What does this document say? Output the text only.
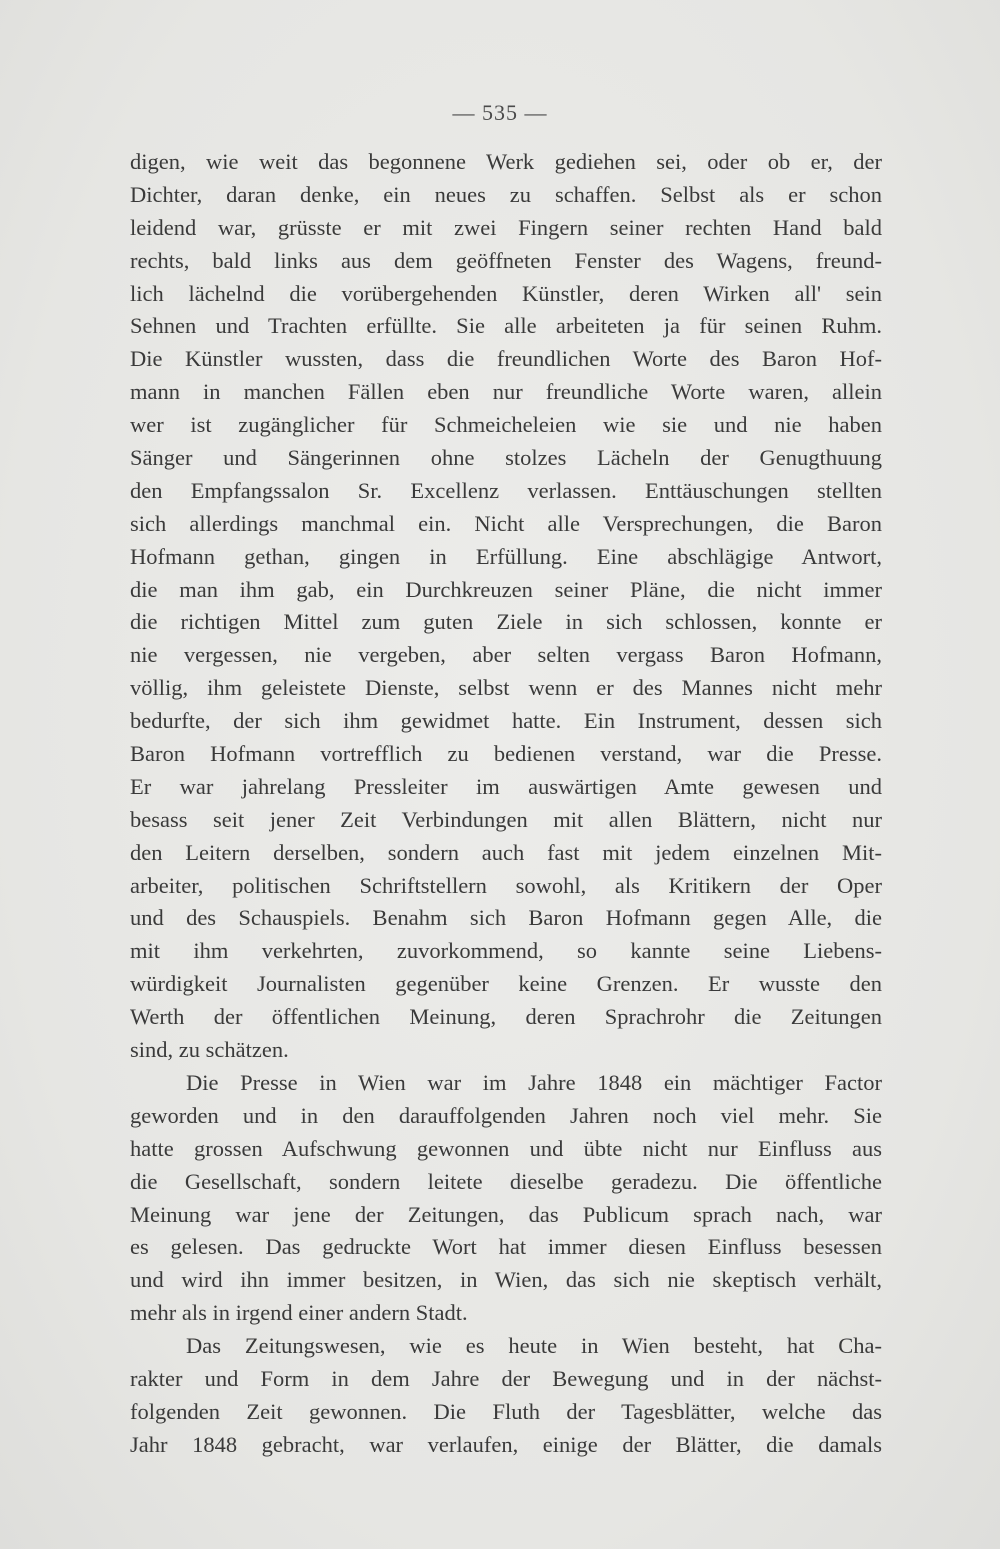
— 535 —
digen, wie weit das begonnene Werk gediehen sei, oder ob er, der
Dichter, daran denke, ein neues zu schaffen. Selbst als er schon
leidend war, grüsste er mit zwei Fingern seiner rechten Hand bald
rechts, bald links aus dem geöffneten Fenster des Wagens, freund-
lich lächelnd die vorübergehenden Künstler, deren Wirken all' sein
Sehnen und Trachten erfüllte. Sie alle arbeiteten ja für seinen Ruhm.
Die Künstler wussten, dass die freundlichen Worte des Baron Hof-
mann in manchen Fällen eben nur freundliche Worte waren, allein
wer ist zugänglicher für Schmeicheleien wie sie und nie haben
Sänger und Sängerinnen ohne stolzes Lächeln der Genugthuung
den Empfangssalon Sr. Excellenz verlassen. Enttäuschungen stellten
sich allerdings manchmal ein. Nicht alle Versprechungen, die Baron
Hofmann gethan, gingen in Erfüllung. Eine abschlägige Antwort,
die man ihm gab, ein Durchkreuzen seiner Pläne, die nicht immer
die richtigen Mittel zum guten Ziele in sich schlossen, konnte er
nie vergessen, nie vergeben, aber selten vergass Baron Hofmann,
völlig, ihm geleistete Dienste, selbst wenn er des Mannes nicht mehr
bedurfte, der sich ihm gewidmet hatte. Ein Instrument, dessen sich
Baron Hofmann vortrefflich zu bedienen verstand, war die Presse.
Er war jahrelang Pressleiter im auswärtigen Amte gewesen und
besass seit jener Zeit Verbindungen mit allen Blättern, nicht nur
den Leitern derselben, sondern auch fast mit jedem einzelnen Mit-
arbeiter, politischen Schriftstellern sowohl, als Kritikern der Oper
und des Schauspiels. Benahm sich Baron Hofmann gegen Alle, die
mit ihm verkehrten, zuvorkommend, so kannte seine Liebens-
würdigkeit Journalisten gegenüber keine Grenzen. Er wusste den
Werth der öffentlichen Meinung, deren Sprachrohr die Zeitungen
sind, zu schätzen.
Die Presse in Wien war im Jahre 1848 ein mächtiger Factor
geworden und in den darauffolgenden Jahren noch viel mehr. Sie
hatte grossen Aufschwung gewonnen und übte nicht nur Einfluss aus
die Gesellschaft, sondern leitete dieselbe geradezu. Die öffentliche
Meinung war jene der Zeitungen, das Publicum sprach nach, war
es gelesen. Das gedruckte Wort hat immer diesen Einfluss besessen
und wird ihn immer besitzen, in Wien, das sich nie skeptisch verhält,
mehr als in irgend einer andern Stadt.
Das Zeitungswesen, wie es heute in Wien besteht, hat Cha-
rakter und Form in dem Jahre der Bewegung und in der nächst-
folgenden Zeit gewonnen. Die Fluth der Tagesblätter, welche das
Jahr 1848 gebracht, war verlaufen, einige der Blätter, die damals
